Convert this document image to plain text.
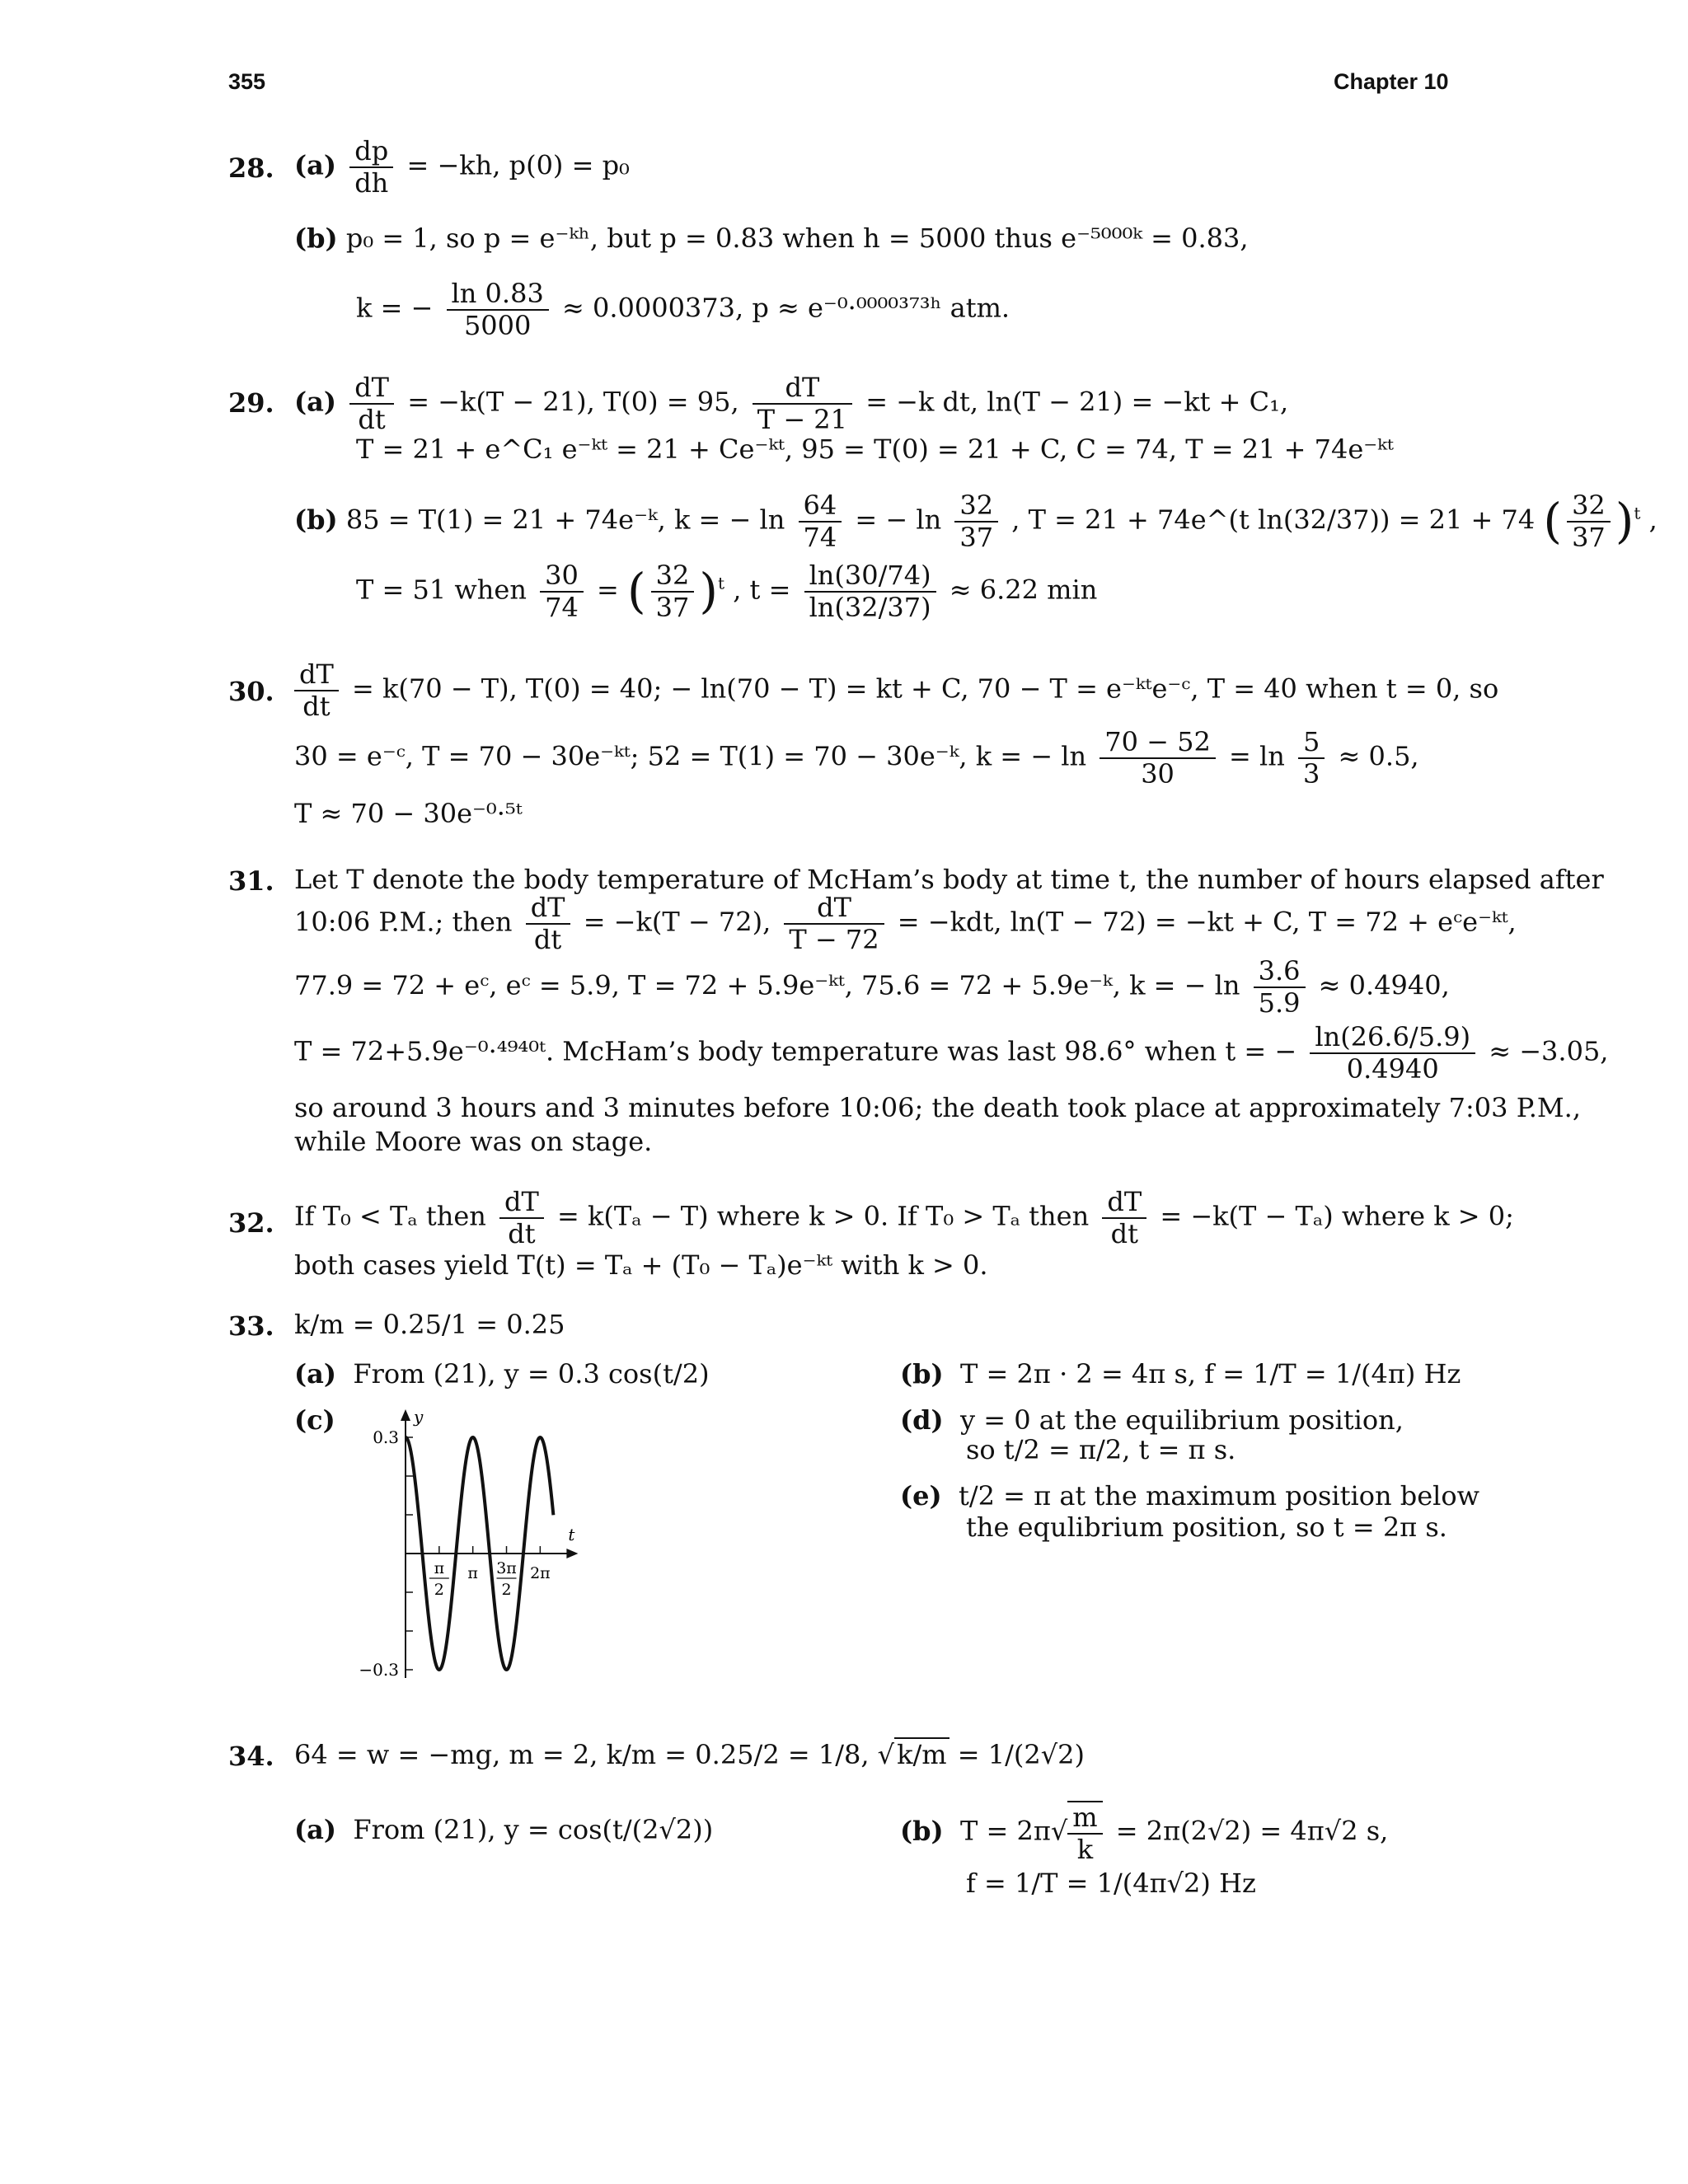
355	Chapter 10
28. $(a) \frac{dp}{dh} = -kh$, p(0) = p₀
(b) p₀ = 1, so p = e⁻ᵏʰ, but p = 0.83 when h = 5000 thus e⁻⁵⁰⁰⁰ᵏ = 0.83,
k = − $\frac{\ln 0.83}{5000} \approx 0.0000373$, p ≈ e⁻⁰·⁰⁰⁰⁰³⁷³ʰ atm.
29. $(a) \frac{dT}{dt} = -k(T - 21)$, T(0) = 95, $\frac{dT}{T - 21} = -k$ dt, ln(T − 21) = −kt + C₁,
T = 21 + e^C₁ e⁻ᵏᵗ = 21 + Ce⁻ᵏᵗ, 95 = T(0) = 21 + C, C = 74, T = 21 + 74e⁻ᵏᵗ
(b) 85 = T(1) = 21 + 74e⁻ᵏ, k = − $\ln \frac{64}{74}$ = − $\ln \frac{32}{37}$ , T = 21 + 74e^(t ln(32/37)) = 21 + 74 ( $\frac{32}{37} )^t$ ,
T = 51 when $\frac{30}{74}$ = ( $\frac{32}{37} )^t$ , $t = \frac{\ln(30/74)}{\ln(32/37)} \approx 6.22$ min
30. $\frac{dT}{dt} = k(70 - T)$, T(0) = 40; − ln(70 − T) = kt + C, 70 − T = e⁻ᵏᵗe⁻ᶜ, T = 40 when t = 0, so
30 = e⁻ᶜ, T = 70 − 30e⁻ᵏᵗ; 52 = T(1) = 70 − 30e⁻ᵏ, k = − $\ln \frac{70 - 52}{30} = \ln \frac{5}{3} \approx 0.5$,
T ≈ 70 − 30e⁻⁰·⁵ᵗ
31. Let T denote the body temperature of McHam’s body at time t, the number of hours elapsed after
10:06 P.M.; then $\frac{dT}{dt} = -k(T - 72)$, $\frac{dT}{T - 72} = -kdt$, ln(T − 72) = −kt + C, T = 72 + eᶜe⁻ᵏᵗ,
77.9 = 72 + eᶜ, eᶜ = 5.9, T = 72 + 5.9e⁻ᵏᵗ, 75.6 = 72 + 5.9e⁻ᵏ, k = − $\ln \frac{3.6}{5.9} \approx 0.4940$,
T = 72+5.9e⁻⁰·⁴⁹⁴⁰ᵗ. McHam’s body temperature was last 98.6° when t = − $\frac{\ln(26.6/5.9)}{0.4940} \approx -3.05$,
so around 3 hours and 3 minutes before 10:06; the death took place at approximately 7:03 P.M.,
while Moore was on stage.
32. If T₀ < Tₐ then $\frac{dT}{dt} = k(T_a - T)$ where k > 0. If T₀ > Tₐ then $\frac{dT}{dt} = -k(T - T_a)$ where k > 0;
both cases yield T(t) = Tₐ + (T₀ − Tₐ)e⁻ᵏᵗ with k > 0.
33. k/m = 0.25/1 = 0.25
(a) From (21), y = 0.3 cos(t/2)	(b) T = 2π · 2 = 4π s, f = 1/T = 1/(4π) Hz
(c)	(d) y = 0 at the equilibrium position,
so t/2 = π/2, t = π s.
(e) t/2 = π at the maximum position below
the equlibrium position, so t = 2π s.
y
t
0.3
−0.3
π
2
π 3π
2
2π
34. 64 = w = −mg, m = 2, k/m = 0.25/2 = 1/8, √k/m = 1/(2√2)
(a) From (21), y = cos(t/(2√2))	(b) $T = 2\pi√ \frac{m}{k} = 2\pi(2√2) = 4\pi√2$ s,
f = 1/T = 1/(4π√2) Hz
